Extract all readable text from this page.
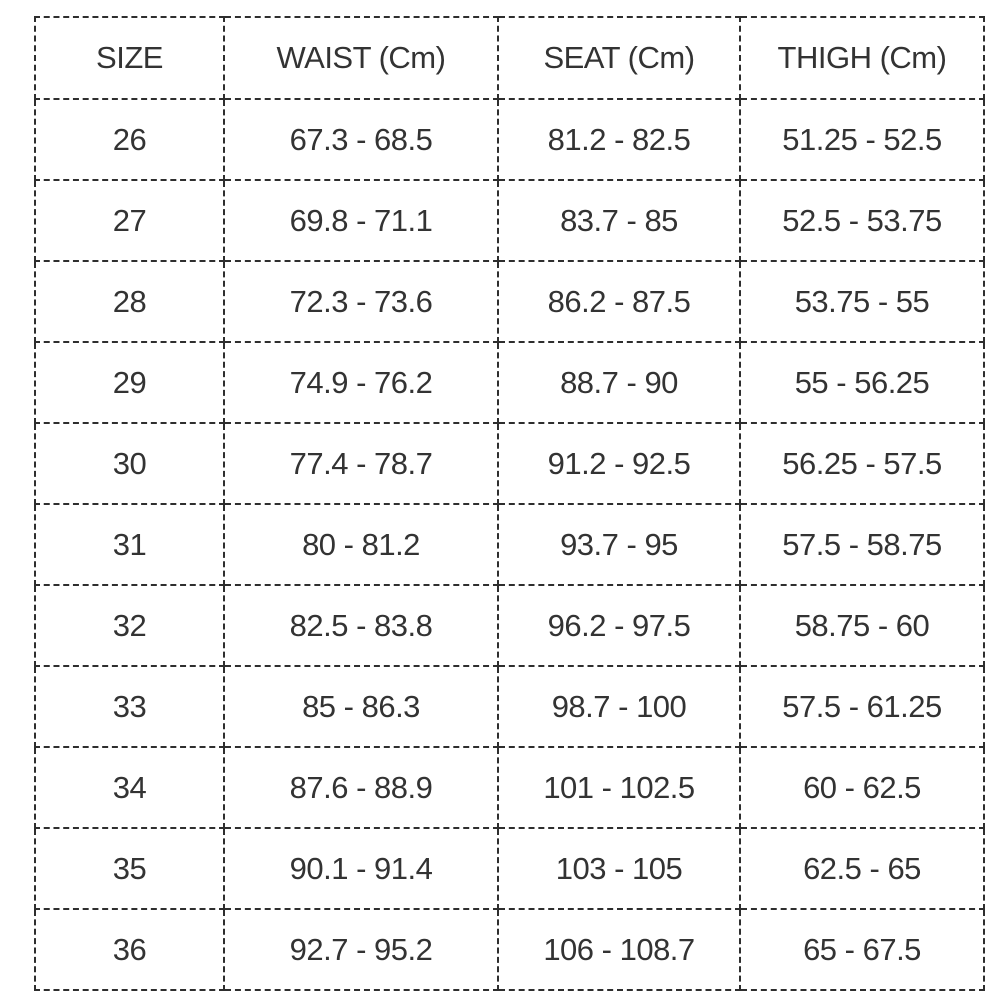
SIZE	WAIST (Cm)	SEAT (Cm)	THIGH (Cm)
26	67.3 - 68.5	81.2 - 82.5	51.25 - 52.5
27	69.8 - 71.1	83.7 - 85	52.5 - 53.75
28	72.3 - 73.6	86.2 - 87.5	53.75 - 55
29	74.9 - 76.2	88.7 - 90	55 - 56.25
30	77.4 - 78.7	91.2 - 92.5	56.25 - 57.5
31	80 - 81.2	93.7 - 95	57.5 - 58.75
32	82.5 - 83.8	96.2 - 97.5	58.75 - 60
33	85 - 86.3	98.7 - 100	57.5 - 61.25
34	87.6 - 88.9	101 - 102.5	60 - 62.5
35	90.1 - 91.4	103 - 105	62.5 - 65
36	92.7 - 95.2	106 - 108.7	65 - 67.5
